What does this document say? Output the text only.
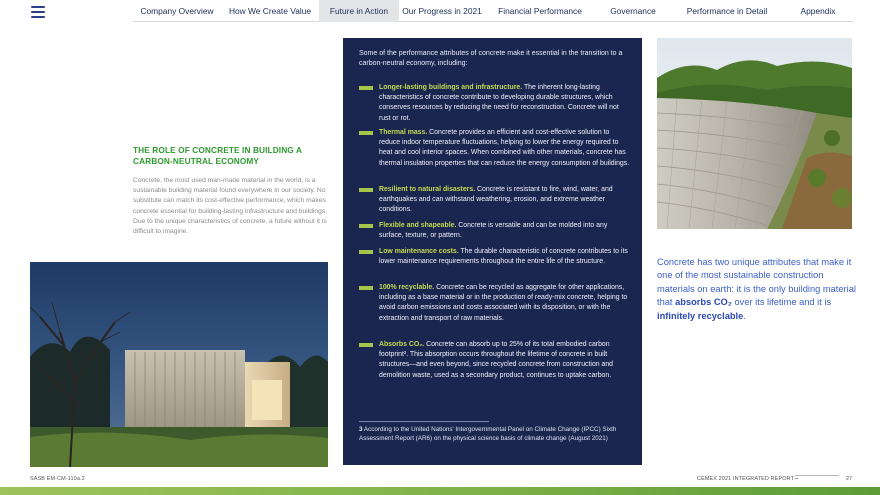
Company Overview	How We Create Value	Future in Action	Our Progress in 2021	Financial Performance	Governance	Performance in Detail	Appendix
THE ROLE OF CONCRETE IN BUILDING A CARBON-NEUTRAL ECONOMY
Concrete, the most used man-made material in the world, is a sustainable building material found everywhere in our society. No substitute can match its cost-effective performance, which makes concrete essential for building-lasting infrastructure and buildings. Due to the unique characteristics of concrete, a future without it is difficult to imagine.
Some of the performance attributes of concrete make it essential in the transition to a carbon-neutral economy, including:
Longer-lasting buildings and infrastructure. The inherent long-lasting characteristics of concrete contribute to developing durable structures, which conserves resources by reducing the need for reconstruction. Concrete will not rust or rot.
Thermal mass. Concrete provides an efficient and cost-effective solution to reduce indoor temperature fluctuations, helping to lower the energy required to heat and cool interior spaces. When combined with other materials, concrete has thermal insulation properties that can reduce the energy consumption of buildings.
Resilient to natural disasters. Concrete is resistant to fire, wind, water, and earthquakes and can withstand weathering, erosion, and extreme weather conditions.
Flexible and shapeable. Concrete is versatile and can be molded into any surface, texture, or pattern.
Low maintenance costs. The durable characteristic of concrete contributes to its lower maintenance requirements throughout the entire life of the structure.
100% recyclable. Concrete can be recycled as aggregate for other applications, including as a base material or in the production of ready-mix concrete, helping to avoid carbon emissions and costs associated with its disposition, or with the extraction and transport of raw materials.
Absorbs CO₂. Concrete can absorb up to 25% of its total embodied carbon footprint³. This absorption occurs throughout the lifetime of concrete in built structures—and even beyond, since recycled concrete from construction and demolition waste, used as a secondary product, continues to uptake carbon.
3 According to the United Nations' Intergovernmental Panel on Climate Change (IPCC) Sixth Assessment Report (AR6) on the physical science basis of climate change (August 2021)
Concrete has two unique attributes that make it one of the most sustainable construction materials on earth: it is the only building material that absorbs CO₂ over its lifetime and it is infinitely recyclable.
SASB EM-CM-110a.2	CEMEX 2021 INTEGRATED REPORT	27
